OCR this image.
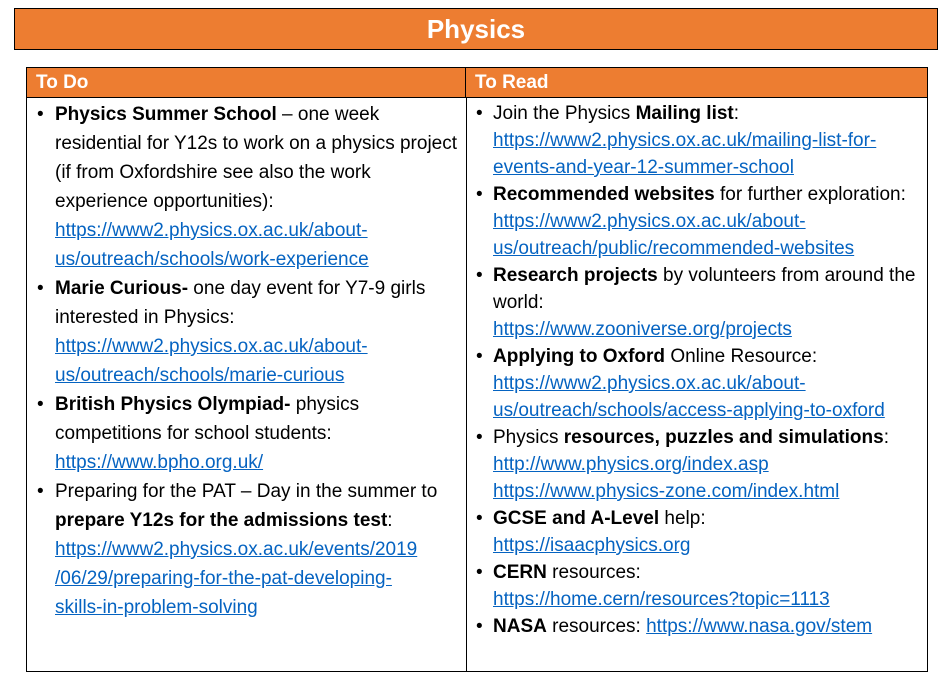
Physics
To Do	To Read
• Physics Summer School – one week residential for Y12s to work on a physics project (if from Oxfordshire see also the work experience opportunities):
https://www2.physics.ox.ac.uk/about-
us/outreach/schools/work-experience
• Marie Curious- one day event for Y7-9 girls interested in Physics:
https://www2.physics.ox.ac.uk/about-
us/outreach/schools/marie-curious
• British Physics Olympiad- physics competitions for school students:
https://www.bpho.org.uk/
• Preparing for the PAT – Day in the summer to prepare Y12s for the admissions test:
https://www2.physics.ox.ac.uk/events/2019
/06/29/preparing-for-the-pat-developing-
skills-in-problem-solving
• Join the Physics Mailing list:
https://www2.physics.ox.ac.uk/mailing-list-for-
events-and-year-12-summer-school
• Recommended websites for further exploration:
https://www2.physics.ox.ac.uk/about-
us/outreach/public/recommended-websites
• Research projects by volunteers from around the world:
https://www.zooniverse.org/projects
• Applying to Oxford Online Resource:
https://www2.physics.ox.ac.uk/about-
us/outreach/schools/access-applying-to-oxford
• Physics resources, puzzles and simulations:
http://www.physics.org/index.asp
https://www.physics-zone.com/index.html
• GCSE and A-Level help:
https://isaacphysics.org
• CERN resources:
https://home.cern/resources?topic=1113
• NASA resources: https://www.nasa.gov/stem
